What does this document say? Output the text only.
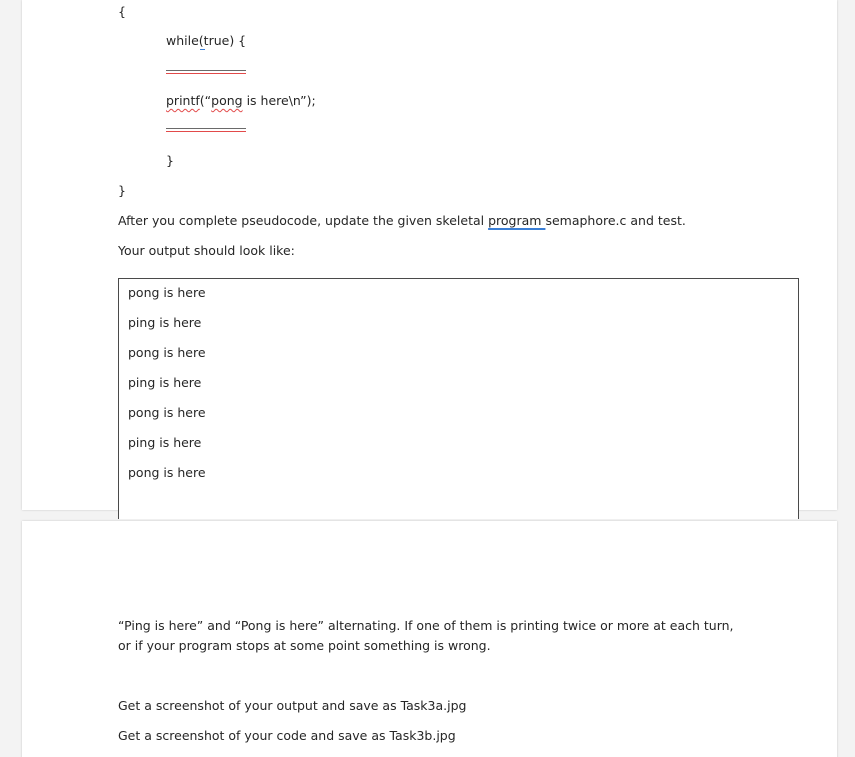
{
while(true) {
printf(“pong is here\n”);
}
}
After you complete pseudocode, update the given skeletal program semaphore.c and test.
Your output should look like:
pong is here
ping is here
pong is here
ping is here
pong is here
ping is here
pong is here
“Ping is here” and “Pong is here” alternating. If one of them is printing twice or more at each turn, or if your program stops at some point something is wrong.
Get a screenshot of your output and save as Task3a.jpg
Get a screenshot of your code and save as Task3b.jpg
